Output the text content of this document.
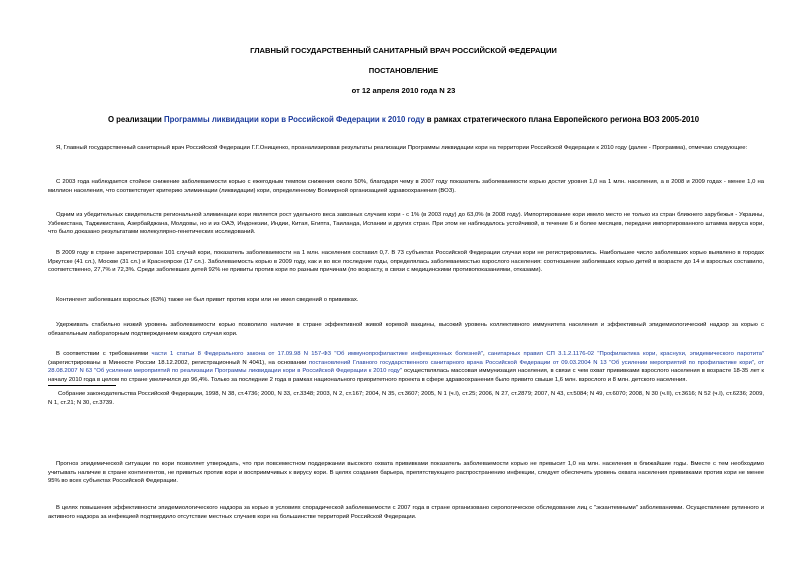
ГЛАВНЫЙ ГОСУДАРСТВЕННЫЙ САНИТАРНЫЙ ВРАЧ РОССИЙСКОЙ ФЕДЕРАЦИИ
ПОСТАНОВЛЕНИЕ
от 12 апреля 2010 года N 23
О реализации Программы ликвидации кори в Российской Федерации к 2010 году в рамках стратегического плана Европейского региона ВОЗ 2005-2010

Я, Главный государственный санитарный врач Российской Федерации Г.Г.Онищенко, проанализировав результаты реализации Программы ликвидации кори на территории Российской Федерации к 2010 году (далее - Программа), отмечаю следующее:

С 2003 года наблюдается стойкое снижение заболеваемости корью с ежегодным темпом снижения около 50%, благодаря чему в 2007 году показатель заболеваемости корью достиг уровня 1,0 на 1 млн. населения, а в 2008 и 2009 годах - менее 1,0 на миллион населения, что соответствует критерию элиминации (ликвидации) кори, определенному Всемирной организацией здравоохранения (ВОЗ).

Одним из убедительных свидетельств региональной элиминации кори является рост удельного веса завозных случаев кори - с 1% (в 2003 году) до 63,0% (в 2008 году). Импортирование кори имело место не только из стран ближнего зарубежья - Украины, Узбекистана, Таджикистана, Азербайджана, Молдовы, но и из ОАЭ, Индонезии, Индии, Китая, Египта, Таиланда, Испании и других стран. При этом не наблюдалось устойчивой, в течение 6 и более месяцев, передачи импортированного штамма вируса кори, что было доказано результатами молекулярно-генетических исследований.

В 2009 году в стране зарегистрирован 101 случай кори, показатель заболеваемости на 1 млн. населения составил 0,7. В 73 субъектах Российской Федерации случаи кори не регистрировались. Наибольшее число заболевших корью выявлено в городах Иркутске (41 сл.), Москве (31 сл.) и Красноярске (17 сл.). Заболеваемость корью в 2009 году, как и во все последние годы, определялась заболеваемостью взрослого населения: соотношение заболевших корью детей в возрасте до 14 и взрослых составило, соответственно, 27,7% и 72,3%. Среди заболевших детей 92% не привиты против кори по разным причинам (по возрасту, в связи с медицинскими противопоказаниями, отказами).

Контингент заболевших взрослых (63%) также не был привит против кори или не имел сведений о прививках.

Удерживать стабильно низкий уровень заболеваемости корью позволило наличие в стране эффективной живой коревой вакцины, высокий уровень коллективного иммунитета населения и эффективный эпидемиологический надзор за корью с обязательным лабораторным подтверждением каждого случая кори.

В соответствии с требованиями части 1 статьи 8 Федерального закона от 17.09.98 N 157-ФЗ "Об иммунопрофилактике инфекционных болезней", санитарных правил СП 3.1.2.1176-02 "Профилактика кори, краснухи, эпидемического паротита" (зарегистрированы в Минюсте России 18.12.2002, регистрационный N 4041), на основании постановлений Главного государственного санитарного врача Российской Федерации от 09.03.2004 N 13 "Об усилении мероприятий по профилактике кори", от 28.08.2007 N 63 "Об усилении мероприятий по реализации Программы ликвидации кори в Российской Федерации к 2010 году" осуществлялась массовая иммунизация населения, в связи с чем охват прививками взрослого населения в возрасте 18-35 лет к началу 2010 года в целом по стране увеличился до 96,4%. Только за последние 2 года в рамках национального приоритетного проекта в сфере здравоохранения было привито свыше 1,6 млн. взрослого и 8 млн. детского населения.

Собрание законодательства Российской Федерации, 1998, N 38, ст.4736; 2000, N 33, ст.3348; 2003, N 2, ст.167; 2004, N 35, ст.3607; 2005, N 1 (ч.I), ст.25; 2006, N 27, ст.2879; 2007, N 43, ст.5084; N 49, ст.6070; 2008, N 30 (ч.II), ст.3616; N 52 (ч.I), ст.6236; 2009, N 1, ст.21; N 30, ст.3739.

Прогноз эпидемической ситуации по кори позволяет утверждать, что при повсеместном поддержании высокого охвата прививками показатель заболеваемости корью не превысит 1,0 на млн. населения в ближайшие годы. Вместе с тем необходимо учитывать наличие в стране контингентов, не привитых против кори и восприимчивых к вирусу кори. В целях создания барьера, препятствующего распространению инфекции, следует обеспечить уровень охвата населения прививками против кори не менее 95% во всех субъектах Российской Федерации.

В целях повышения эффективности эпидемиологического надзора за корью в условиях спорадической заболеваемости с 2007 года в стране организовано серологическое обследование лиц с "экзантемными" заболеваниями. Осуществление рутинного и активного надзора за инфекцией подтвердило отсутствие местных случаев кори на большинстве территорий Российской Федерации.
